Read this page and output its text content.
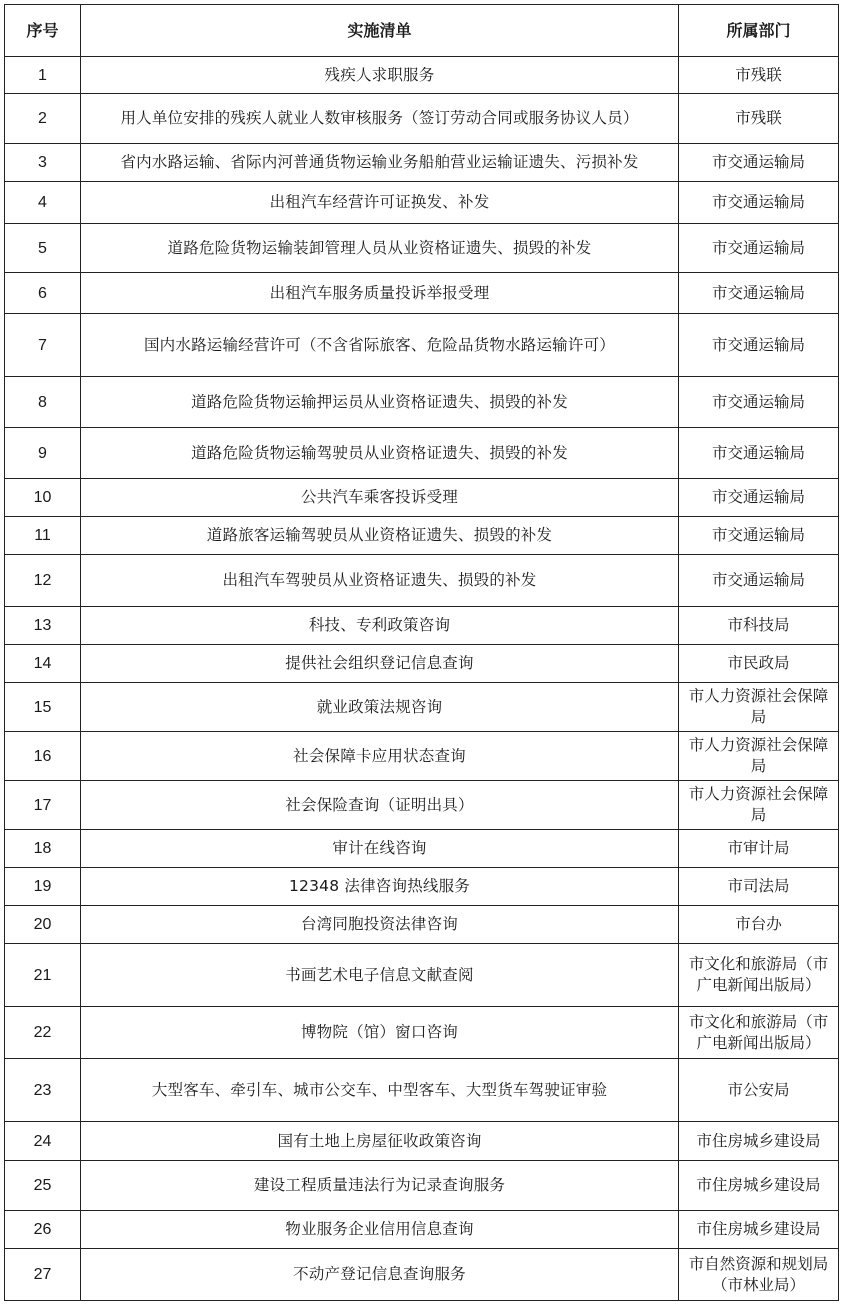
序号	实施清单	所属部门
1	残疾人求职服务	市残联
2	用人单位安排的残疾人就业人数审核服务（签订劳动合同或服务协议人员）	市残联
3	省内水路运输、省际内河普通货物运输业务船舶营业运输证遗失、污损补发	市交通运输局
4	出租汽车经营许可证换发、补发	市交通运输局
5	道路危险货物运输装卸管理人员从业资格证遗失、损毁的补发	市交通运输局
6	出租汽车服务质量投诉举报受理	市交通运输局
7	国内水路运输经营许可（不含省际旅客、危险品货物水路运输许可）	市交通运输局
8	道路危险货物运输押运员从业资格证遗失、损毁的补发	市交通运输局
9	道路危险货物运输驾驶员从业资格证遗失、损毁的补发	市交通运输局
10	公共汽车乘客投诉受理	市交通运输局
11	道路旅客运输驾驶员从业资格证遗失、损毁的补发	市交通运输局
12	出租汽车驾驶员从业资格证遗失、损毁的补发	市交通运输局
13	科技、专利政策咨询	市科技局
14	提供社会组织登记信息查询	市民政局
15	就业政策法规咨询	市人力资源社会保障局
16	社会保障卡应用状态查询	市人力资源社会保障局
17	社会保险查询（证明出具）	市人力资源社会保障局
18	审计在线咨询	市审计局
19	12348 法律咨询热线服务	市司法局
20	台湾同胞投资法律咨询	市台办
21	书画艺术电子信息文献查阅	市文化和旅游局（市广电新闻出版局）
22	博物院（馆）窗口咨询	市文化和旅游局（市广电新闻出版局）
23	大型客车、牵引车、城市公交车、中型客车、大型货车驾驶证审验	市公安局
24	国有土地上房屋征收政策咨询	市住房城乡建设局
25	建设工程质量违法行为记录查询服务	市住房城乡建设局
26	物业服务企业信用信息查询	市住房城乡建设局
27	不动产登记信息查询服务	市自然资源和规划局（市林业局）
